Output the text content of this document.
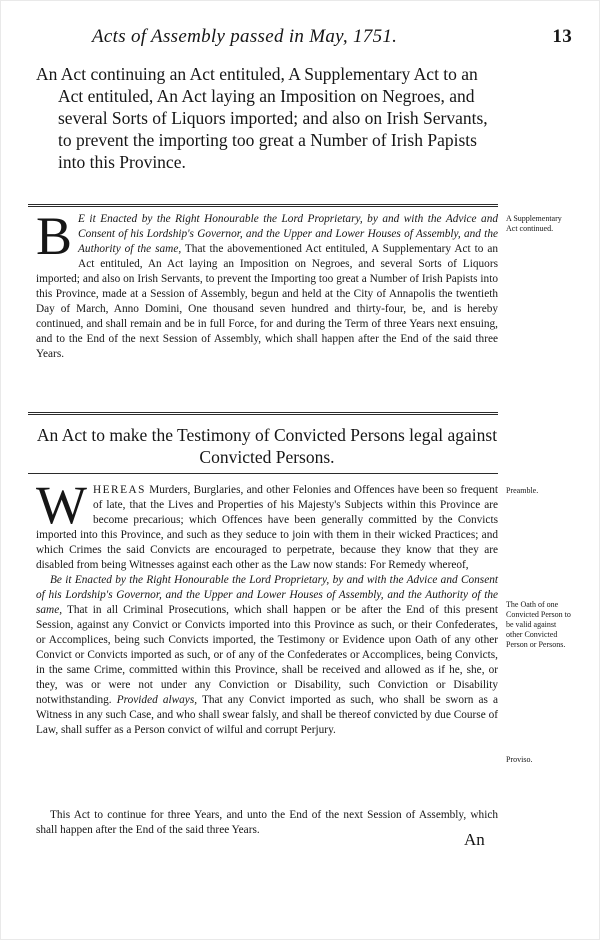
Acts of Assembly passed in May, 1751.	13
An Act continuing an Act entituled, A Supplementary Act to an Act entituled, An Act laying an Imposition on Negroes, and several Sorts of Liquors imported; and also on Irish Servants, to prevent the importing too great a Number of Irish Papists into this Province.

B E it Enacted by the Right Honourable the Lord Proprietary, by and with the Advice and Consent of his Lordship's Governor, and the Upper and Lower Houses of Assembly, and the Authority of the same, That the abovementioned Act entituled, A Supplementary Act to an Act entituled, An Act laying an Imposition on Negroes, and several Sorts of Liquors imported; and also on Irish Servants, to prevent the Importing too great a Number of Irish Papists into this Province, made at a Session of Assembly, begun and held at the City of Annapolis the twentieth Day of March, Anno Domini, One thousand seven hundred and thirty-four, be, and is hereby continued, and shall remain and be in full Force, for and during the Term of three Years next ensuing, and to the End of the next Session of Assembly, which shall happen after the End of the said three Years.

A Supplementary Act continued.
An Act to make the Testimony of Convicted Persons legal against Convicted Persons.

WHEREAS Murders, Burglaries, and other Felonies and Offences have been so frequent of late, that the Lives and Properties of his Majesty's Subjects within this Province are become precarious; which Offences have been generally committed by the Convicts imported into this Province, and such as they seduce to join with them in their wicked Practices; and which Crimes the said Convicts are encouraged to perpetrate, because they know that they are disabled from being Witnesses against each other as the Law now stands: For Remedy whereof,
Be it Enacted by the Right Honourable the Lord Proprietary, by and with the Advice and Consent of his Lordship's Governor, and the Upper and Lower Houses of Assembly, and the Authority of the same, That in all Criminal Prosecutions, which shall happen or be after the End of this present Session, against any Convict or Convicts imported into this Province as such, or their Confederates, or Accomplices, being such Convicts imported, the Testimony or Evidence upon Oath of any other Convict or Convicts imported as such, or of any of the Confederates or Accomplices, being Convicts, in the same Crime, committed within this Province, shall be received and allowed as if he, she, or they, was or were not under any Conviction or Disability, such Conviction or Disability notwithstanding. Provided always, That any Convict imported as such, who shall be sworn as a Witness in any such Case, and who shall swear falsly, and shall be thereof convicted by due Course of Law, shall suffer as a Person convict of wilful and corrupt Perjury.

This Act to continue for three Years, and unto the End of the next Session of Assembly, which shall happen after the End of the said three Years.	An
Preamble.
The Oath of one Convicted Person to be valid against other Convicted Person or Persons.
Proviso.
